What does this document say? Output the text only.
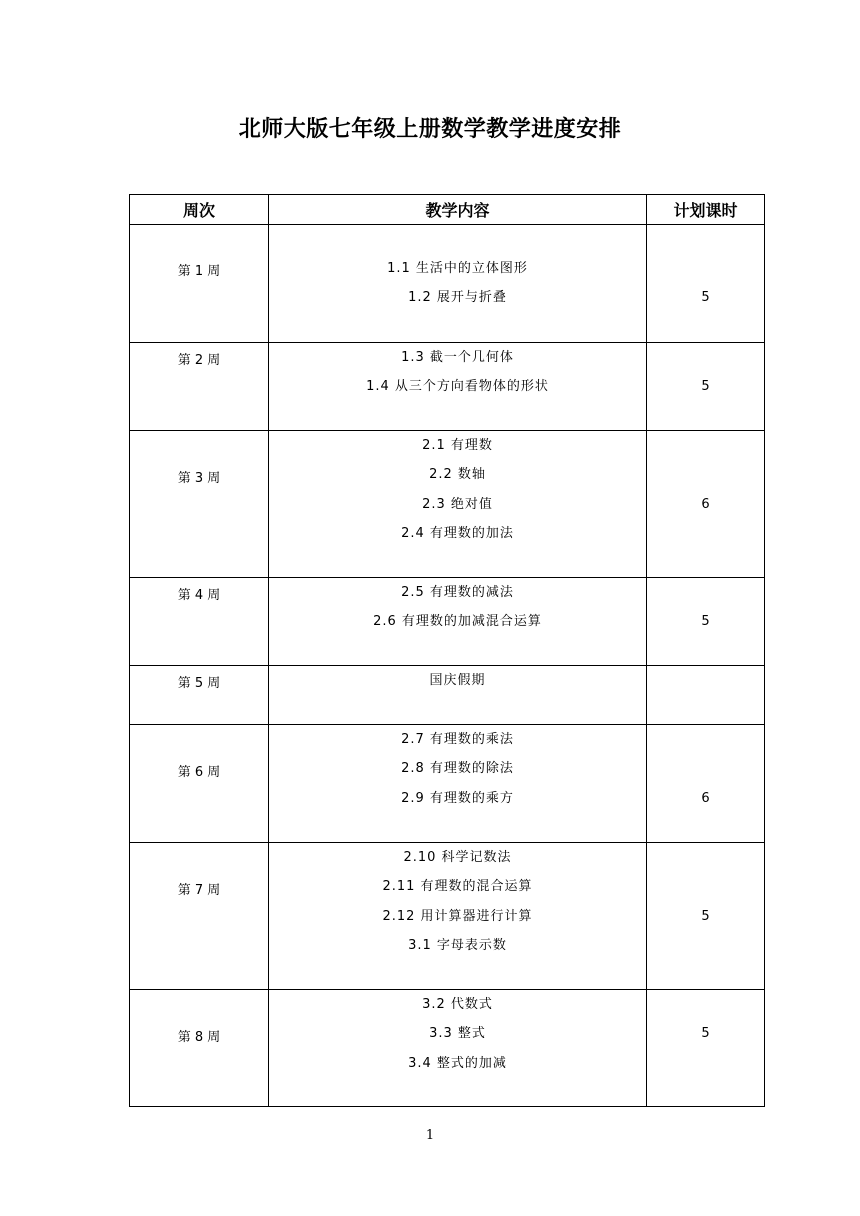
北师大版七年级上册数学教学进度安排
周次	教学内容	计划课时

第 1 周	1.1 生活中的立体图形
1.2 展开与折叠	5

第 2 周	1.3 截一个几何体
1.4 从三个方向看物体的形状	5

第 3 周	2.1 有理数
2.2 数轴
2.3 绝对值
2.4 有理数的加法	6

第 4 周	2.5 有理数的减法
2.6 有理数的加减混合运算	5

第 5 周	国庆假期	

第 6 周	2.7 有理数的乘法
2.8 有理数的除法
2.9 有理数的乘方	6

第 7 周	2.10 科学记数法
2.11 有理数的混合运算
2.12 用计算器进行计算
3.1 字母表示数	5

第 8 周	3.2 代数式
3.3 整式
3.4 整式的加减	5
1
